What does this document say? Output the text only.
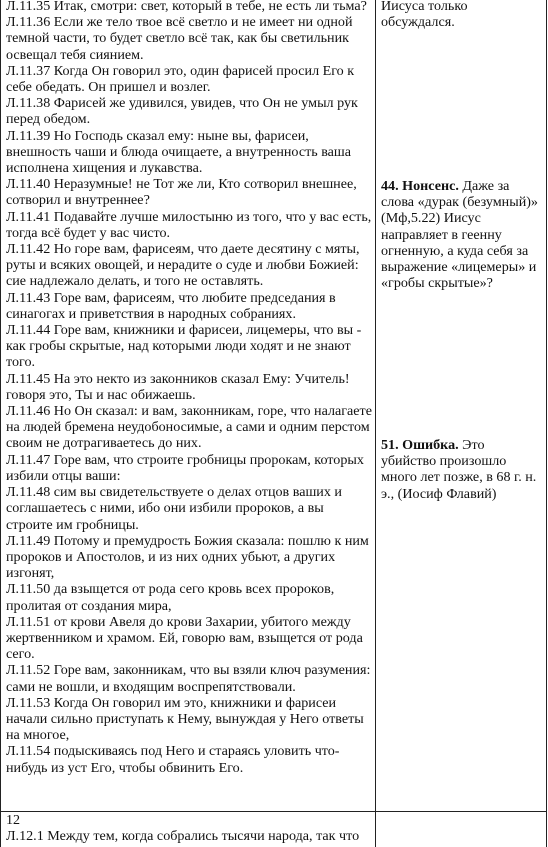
Л.11.35 Итак, смотри: свет, который в тебе, не есть ли тьма?

Л.11.36 Если же тело твое всё светло и не имеет ни одной темной части, то будет светло всё так, как бы светильник освещал тебя сиянием.

Л.11.37 Когда Он говорил это, один фарисей просил Его к себе обедать. Он пришел и возлег.

Л.11.38 Фарисей же удивился, увидев, что Он не умыл рук перед обедом.

Л.11.39 Но Господь сказал ему: ныне вы, фарисеи, внешность чаши и блюда очищаете, а внутренность ваша исполнена хищения и лукавства.

Л.11.40 Неразумные! не Тот же ли, Кто сотворил внешнее, сотворил и внутреннее?

Л.11.41 Подавайте лучше милостыню из того, что у вас есть, тогда всё будет у вас чисто.

Л.11.42 Но горе вам, фарисеям, что даете десятину с мяты, руты и всяких овощей, и нерадите о суде и любви Божией: сие надлежало делать, и того не оставлять.

Л.11.43 Горе вам, фарисеям, что любите председания в синагогах и приветствия в народных собраниях.

Л.11.44 Горе вам, книжники и фарисеи, лицемеры, что вы - как гробы скрытые, над которыми люди ходят и не знают того.

Л.11.45 На это некто из законников сказал Ему: Учитель! говоря это, Ты и нас обижаешь.

Л.11.46 Но Он сказал: и вам, законникам, горе, что налагаете на людей бремена неудобоносимые, а сами и одним перстом своим не дотрагиваетесь до них.

Л.11.47 Горе вам, что строите гробницы пророкам, которых избили отцы ваши:

Л.11.48 сим вы свидетельствуете о делах отцов ваших и соглашаетесь с ними, ибо они избили пророков, а вы строите им гробницы.

Л.11.49 Потому и премудрость Божия сказала: пошлю к ним пророков и Апостолов, и из них одних убьют, а других изгонят,

Л.11.50 да взыщется от рода сего кровь всех пророков, пролитая от создания мира,

Л.11.51 от крови Авеля до крови Захарии, убитого между жертвенником и храмом. Ей, говорю вам, взыщется от рода сего.

Л.11.52 Горе вам, законникам, что вы взяли ключ разумения: сами не вошли, и входящим воспрепятствовали.

Л.11.53 Когда Он говорил им это, книжники и фарисеи начали сильно приступать к Нему, вынуждая у Него ответы на многое,

Л.11.54 подыскиваясь под Него и стараясь уловить что-нибудь из уст Его, чтобы обвинить Его.

Иисуса только обсуждался.

44. Нонсенс. Даже за слова «дурак (безумный)» (Мф,5.22) Иисус направляет в геенну огненную, а куда себя за выражение «лицемеры» и «гробы скрытые»?

51. Ошибка. Это убийство произошло много лет позже, в 68 г. н. э., (Иосиф Флавий)

12

Л.12.1 Между тем, когда собрались тысячи народа, так что
